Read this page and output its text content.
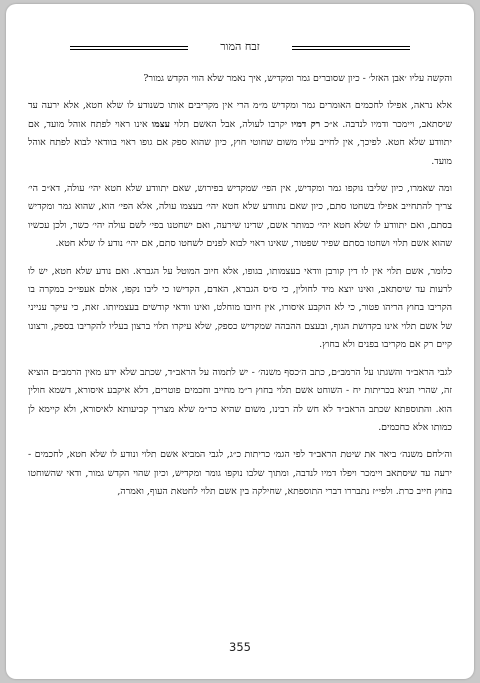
זבח המור

והקשה עליו ׳אבן האזל׳ - כיון שסוברים גמר ומקדיש, איך נאמר שלא הווי הקדש גמור?

אלא נראה, אפילו לחכמים האומרים גמר ומקדיש מ״מ הרי אין מקריבים אותו כשנודע לו שלא חטא, אלא ירעה עד שיסתאב, ויימכר ודמיו לנדבה. א״כ רק דמיו יקרבו לעולה, אבל האשם תלוי עצמו אינו ראוי לפתח אוהל מועד, אם יתוודע שלא חטא. לפיכך, אין לחייב עליו משום שחוטי חוץ, כיון שהוא ספק אם גופו ראוי בוודאי לבוא לפתח אוהל מועד.

ומה שאמרו, כיון שליבו נוקפו גמר ומקדיש, אין הפי׳ שמקדיש בפירוש, שאם יתוודע שלא חטא יהי׳ עולה, דא״כ הי׳ צריך להתחייב אפילו בשחטו סתם, כיון שאם נתוודע שלא חטא יהי׳ בעצמו עולה, אלא הפי׳ הוא, שהוא גמר ומקדיש בסתם, ואם יתוודע לו שלא חטא יהי׳ כמותר אשם, שדינו שירעה, ואם ישחטנו בפי׳ לשם עולה יהי׳ כשר, ולכן עכשיו שהוא אשם תלוי ושחטו בסתם שפיר שפטור, שאינו ראוי לבוא לפנים לשחטו סתם, אם יהי׳ נודע לו שלא חטא.

כלומר, אשם תלוי אין לו דין קורבן וודאי בעצמותו, בגופו, אלא חיוב המוטל על הגברא. ואם נודע שלא חטא, יש לו לרעות עד שיסתאב, ואינו יוצא מיד לחולין, כי ס״ס הגברא, האדם, הקדישו כי ליבו נקפו, אולם אעפי״כ במקרה בו הקריבו בחוץ הריהו פטור, כי לא הוקבע איסורו, אין חיובו מוחלט, ואינו וודאי קודשים בעצמיותו. זאת, כי עיקר ענייני של אשם תלוי אינו בקדושת הגוף, ובעצם ההבהה שמקדיש כספק, שלא עיקרו תלוי ברצון בעליו להקריבו בספק, ורצונו קיים רק אם מקריבו בפנים ולא בחוץ.

לגבי הראב״ד והשגתו על הרמב״ם, כתב ה׳כסף משנה׳ - יש לתמוה על הראב״ד, שכתב שלא ידע מאין הרמב״ם הוציא זה, שהרי תניא בכריתות יח - השוחט אשם תלוי בחוץ ר״מ מחייב וחכמים פוטרים, דלא איקבע איסורא, דשמא חולין הוא. והתוספתא שכתב הראב״ד לא חש לה רבינו, משום שהיא כר״מ שלא מצריך קביעותא לאיסורא, ולא קיימא לן כמותו אלא כחכמים.

וה׳לחם משנה׳ ביאר את שיטת הראב״ד לפי הגמ׳ כריתות כ״ג, לגבי המביא אשם תלוי ונודע לו שלא חטא, לחכמים - ירעה עד שיסתאב ויימכר ויפלו דמיו לנדבה, ומתוך שלבו נוקפו גומר ומקדיש, וכיון שהוי הקדש גמור, ודאי שהשוחטו בחוץ חייב כרת. ולפי״ז נתבררו דברי התוספתא, שחילקה בין אשם תלוי לחטאת העוף, ואמרה,

355
